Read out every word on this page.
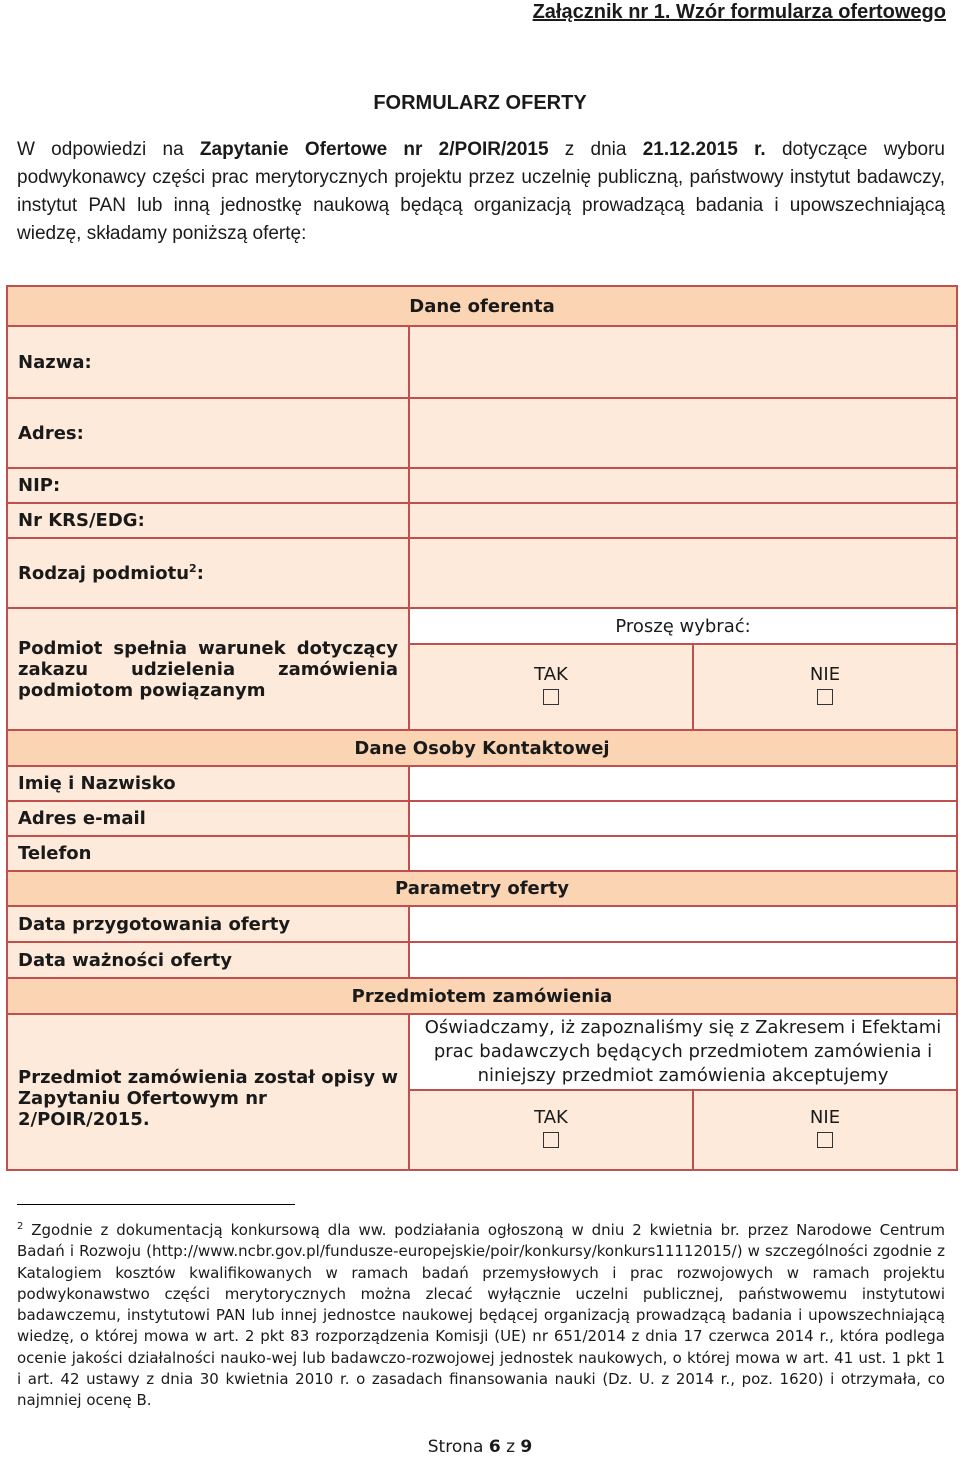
Załącznik nr 1. Wzór formularza ofertowego
FORMULARZ OFERTY
W odpowiedzi na Zapytanie Ofertowe nr 2/POIR/2015 z dnia 21.12.2015 r. dotyczące wyboru podwykonawcy części prac merytorycznych projektu przez uczelnię publiczną, państwowy instytut badawczy, instytut PAN lub inną jednostkę naukową będącą organizacją prowadzącą badania i upowszechniającą wiedzę, składamy poniższą ofertę:
Dane oferenta		
Nazwa:		
Adres:		
NIP:		
Nr KRS/EDG:		
Rodzaj podmiotu$^2$:		
Podmiot spełnia warunek dotyczący zakazu udzielenia zamówienia podmiotom powiązanym	Proszę wybrać:	

	TAK	NIE

Dane Osoby Kontaktowej		
Imię i Nazwisko		
Adres e-mail		
Telefon		
Parametry oferty		
Data przygotowania oferty		
Data ważności oferty		
Przedmiotem zamówienia		
Przedmiot zamówienia został opisy w Zapytaniu Ofertowym nr 2/POIR/2015.	Oświadczamy, iż zapoznaliśmy się z Zakresem i Efektami prac badawczych będących przedmiotem zamówienia i niniejszy przedmiot zamówienia akceptujemy	

	TAK	NIE
$^2$ Zgodnie z dokumentacją konkursową dla ww. podziałania ogłoszoną w dniu 2 kwietnia br. przez Narodowe Centrum Badań i Rozwoju (http://www.ncbr.gov.pl/fundusze-europejskie/poir/konkursy/konkurs11112015/) w szczególności zgodnie z Katalogiem kosztów kwalifikowanych w ramach badań przemysłowych i prac rozwojowych w ramach projektu podwykonawstwo części merytorycznych można zlecać wyłącznie uczelni publicznej, państwowemu instytutowi badawczemu, instytutowi PAN lub innej jednostce naukowej będącej organizacją prowadzącą badania i upowszechniającą wiedzę, o której mowa w art. 2 pkt 83 rozporządzenia Komisji (UE) nr 651/2014 z dnia 17 czerwca 2014 r., która podlega ocenie jakości działalności nauko-wej lub badawczo-rozwojowej jednostek naukowych, o której mowa w art. 41 ust. 1 pkt 1 i art. 42 ustawy z dnia 30 kwietnia 2010 r. o zasadach finansowania nauki (Dz. U. z 2014 r., poz. 1620) i otrzymała, co najmniej ocenę B.
Strona 6 z 9
